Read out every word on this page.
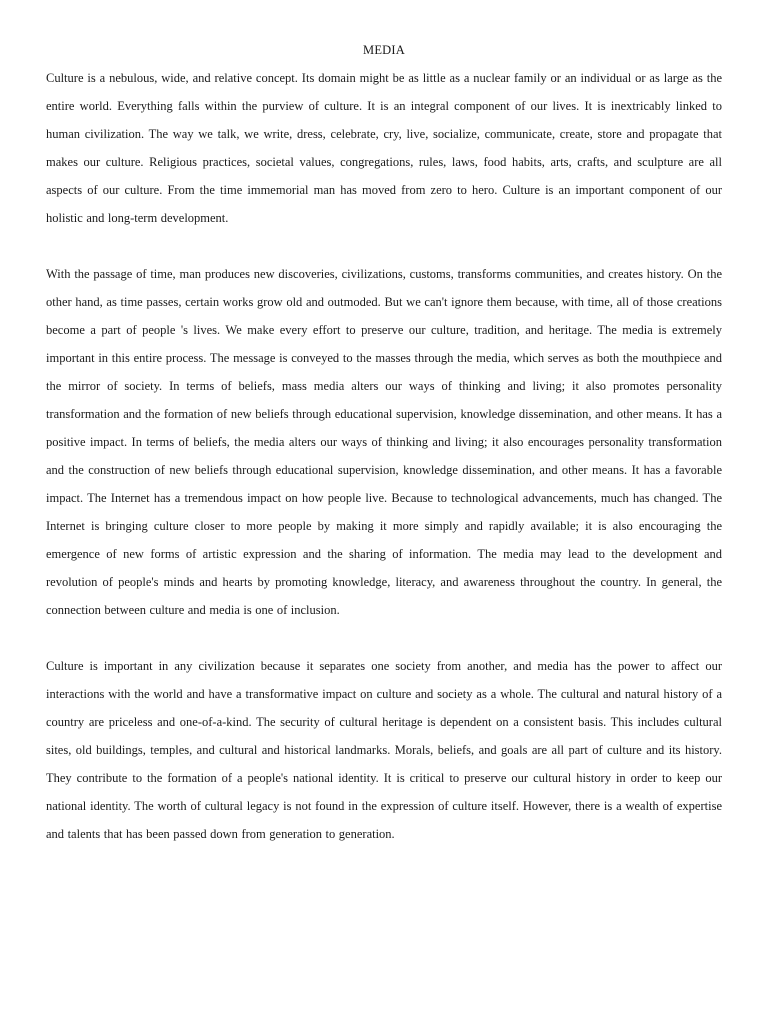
MEDIA

Culture is a nebulous, wide, and relative concept. Its domain might be as little as a nuclear family or an individual or as large as the entire world. Everything falls within the purview of culture. It is an integral component of our lives. It is inextricably linked to human civilization. The way we talk, we write, dress, celebrate, cry, live, socialize, communicate, create, store and propagate that makes our culture. Religious practices, societal values, congregations, rules, laws, food habits, arts, crafts, and sculpture are all aspects of our culture. From the time immemorial man has moved from zero to hero. Culture is an important component of our holistic and long-term development.

With the passage of time, man produces new discoveries, civilizations, customs, transforms communities, and creates history. On the other hand, as time passes, certain works grow old and outmoded. But we can't ignore them because, with time, all of those creations become a part of people 's lives. We make every effort to preserve our culture, tradition, and heritage. The media is extremely important in this entire process. The message is conveyed to the masses through the media, which serves as both the mouthpiece and the mirror of society. In terms of beliefs, mass media alters our ways of thinking and living; it also promotes personality transformation and the formation of new beliefs through educational supervision, knowledge dissemination, and other means. It has a positive impact. In terms of beliefs, the media alters our ways of thinking and living; it also encourages personality transformation and the construction of new beliefs through educational supervision, knowledge dissemination, and other means. It has a favorable impact. The Internet has a tremendous impact on how people live. Because to technological advancements, much has changed. The Internet is bringing culture closer to more people by making it more simply and rapidly available; it is also encouraging the emergence of new forms of artistic expression and the sharing of information. The media may lead to the development and revolution of people's minds and hearts by promoting knowledge, literacy, and awareness throughout the country. In general, the connection between culture and media is one of inclusion.

Culture is important in any civilization because it separates one society from another, and media has the power to affect our interactions with the world and have a transformative impact on culture and society as a whole. The cultural and natural history of a country are priceless and one-of-a-kind. The security of cultural heritage is dependent on a consistent basis. This includes cultural sites, old buildings, temples, and cultural and historical landmarks. Morals, beliefs, and goals are all part of culture and its history. They contribute to the formation of a people's national identity. It is critical to preserve our cultural history in order to keep our national identity. The worth of cultural legacy is not found in the expression of culture itself. However, there is a wealth of expertise and talents that has been passed down from generation to generation.
